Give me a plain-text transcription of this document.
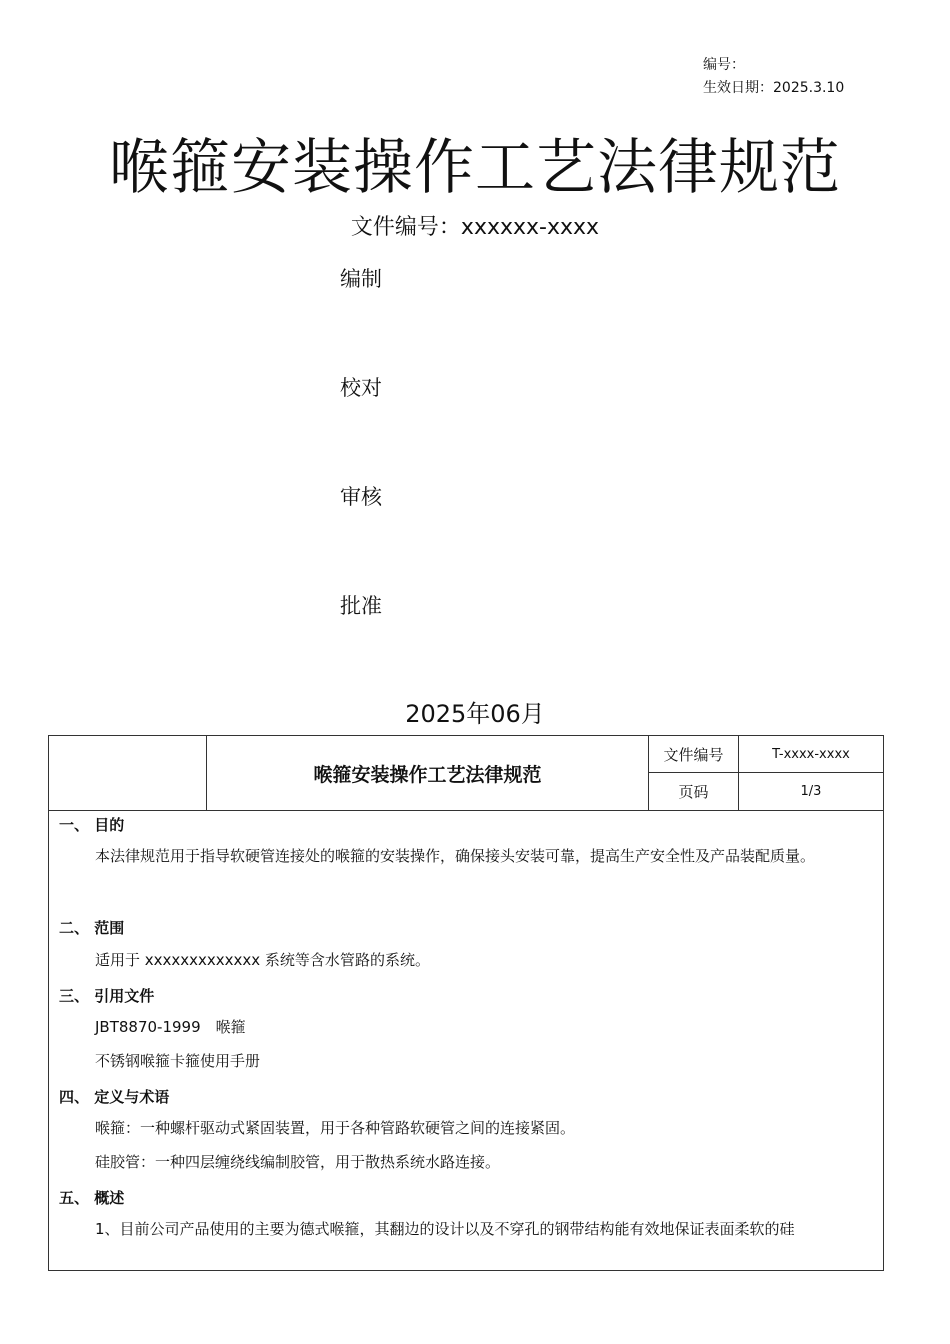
编号：
生效日期：2025.3.10
喉箍安装操作工艺法律规范
文件编号：xxxxxx-xxxx
编制
校对
审核
批准
2025年06月
喉箍安装操作工艺法律规范
文件编号	T-xxxx-xxxx
页码	1/3
一、 目的
本法律规范用于指导软硬管连接处的喉箍的安装操作，确保接头安装可靠，提高生产安全性及产品装配质量。
二、 范围
适用于 xxxxxxxxxxxxx 系统等含水管路的系统。
三、 引用文件
JBT8870-1999　喉箍
不锈钢喉箍卡箍使用手册
四、 定义与术语
喉箍：一种螺杆驱动式紧固装置，用于各种管路软硬管之间的连接紧固。
硅胶管：一种四层缠绕线编制胶管，用于散热系统水路连接。
五、 概述
1、目前公司产品使用的主要为德式喉箍，其翻边的设计以及不穿孔的钢带结构能有效地保证表面柔软的硅
